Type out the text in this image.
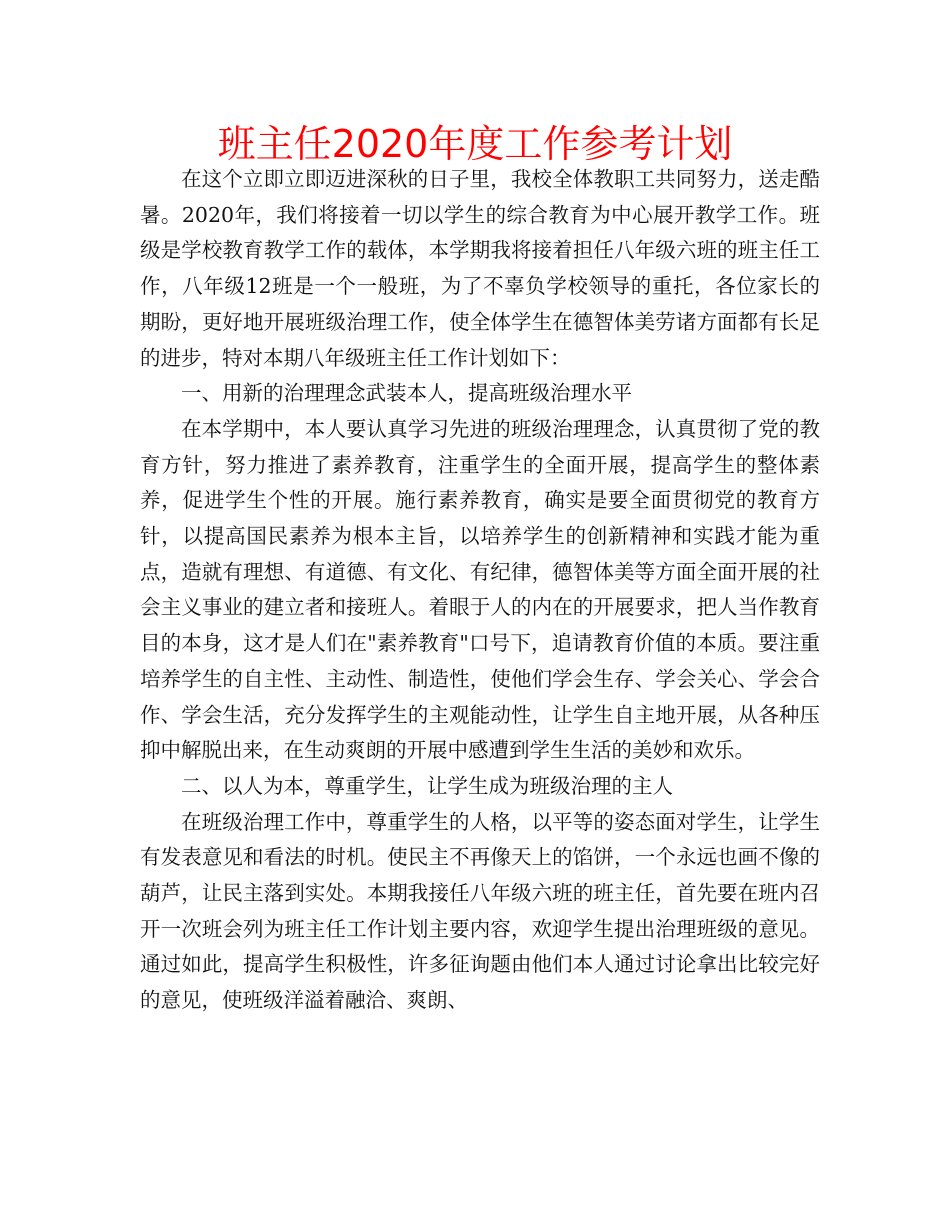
班主任2020年度工作参考计划

在这个立即立即迈进深秋的日子里，我校全体教职工共同努力，送走酷暑。2020年，我们将接着一切以学生的综合教育为中心展开教学工作。班级是学校教育教学工作的载体，本学期我将接着担任八年级六班的班主任工作，八年级12班是一个一般班，为了不辜负学校领导的重托，各位家长的期盼，更好地开展班级治理工作，使全体学生在德智体美劳诸方面都有长足的进步，特对本期八年级班主任工作计划如下：

一、用新的治理理念武装本人，提高班级治理水平

在本学期中，本人要认真学习先进的班级治理理念，认真贯彻了党的教育方针，努力推进了素养教育，注重学生的全面开展，提高学生的整体素养，促进学生个性的开展。施行素养教育，确实是要全面贯彻党的教育方针，以提高国民素养为根本主旨，以培养学生的创新精神和实践才能为重点，造就有理想、有道德、有文化、有纪律，德智体美等方面全面开展的社会主义事业的建立者和接班人。着眼于人的内在的开展要求，把人当作教育目的本身，这才是人们在"素养教育"口号下，追请教育价值的本质。要注重培养学生的自主性、主动性、制造性，使他们学会生存、学会关心、学会合作、学会生活，充分发挥学生的主观能动性，让学生自主地开展，从各种压抑中解脱出来，在生动爽朗的开展中感遭到学生生活的美妙和欢乐。

二、以人为本，尊重学生，让学生成为班级治理的主人

在班级治理工作中，尊重学生的人格，以平等的姿态面对学生，让学生有发表意见和看法的时机。使民主不再像天上的馅饼，一个永远也画不像的葫芦，让民主落到实处。本期我接任八年级六班的班主任，首先要在班内召开一次班会列为班主任工作计划主要内容，欢迎学生提出治理班级的意见。通过如此，提高学生积极性，许多征询题由他们本人通过讨论拿出比较完好的意见，使班级洋溢着融洽、爽朗、
